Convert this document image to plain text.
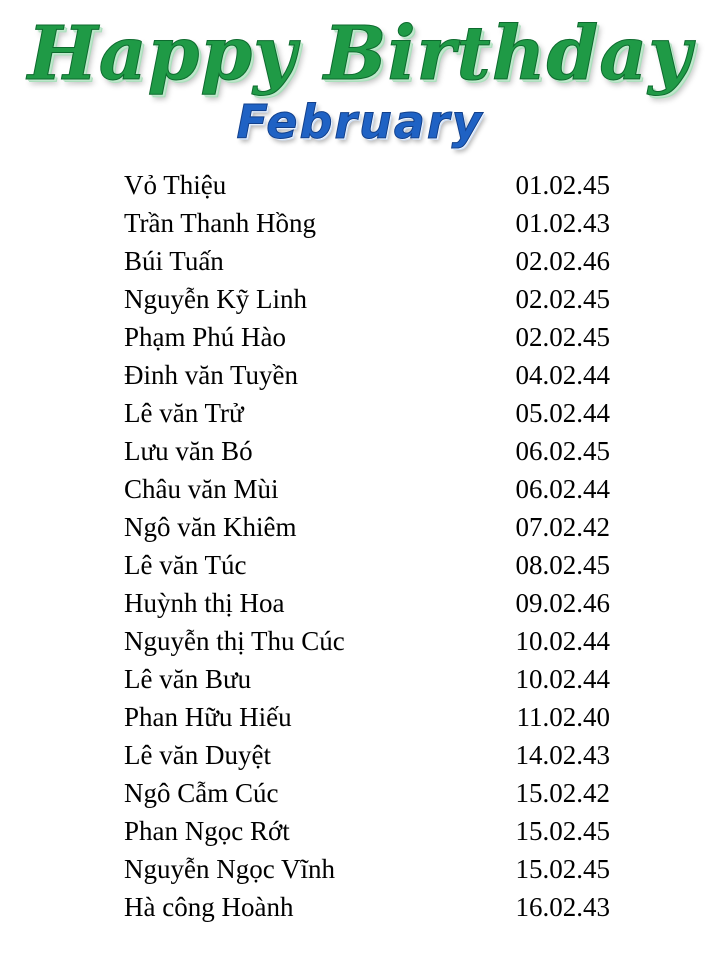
Happy Birthday
February
Vỏ Thiệu	01.02.45
Trần Thanh Hồng	01.02.43
Búi Tuấn	02.02.46
Nguyễn Kỹ Linh	02.02.45
Phạm Phú Hào	02.02.45
Đinh văn Tuyền	04.02.44
Lê văn Trử	05.02.44
Lưu văn Bó	06.02.45
Châu văn Mùi	06.02.44
Ngô văn Khiêm	07.02.42
Lê văn Túc	08.02.45
Huỳnh thị Hoa	09.02.46
Nguyễn thị Thu Cúc	10.02.44
Lê văn Bưu	10.02.44
Phan Hữu Hiếu	11.02.40
Lê văn Duyệt	14.02.43
Ngô Cẫm Cúc	15.02.42
Phan Ngọc Rớt	15.02.45
Nguyễn Ngọc Vĩnh	15.02.45
Hà công Hoành	16.02.43
